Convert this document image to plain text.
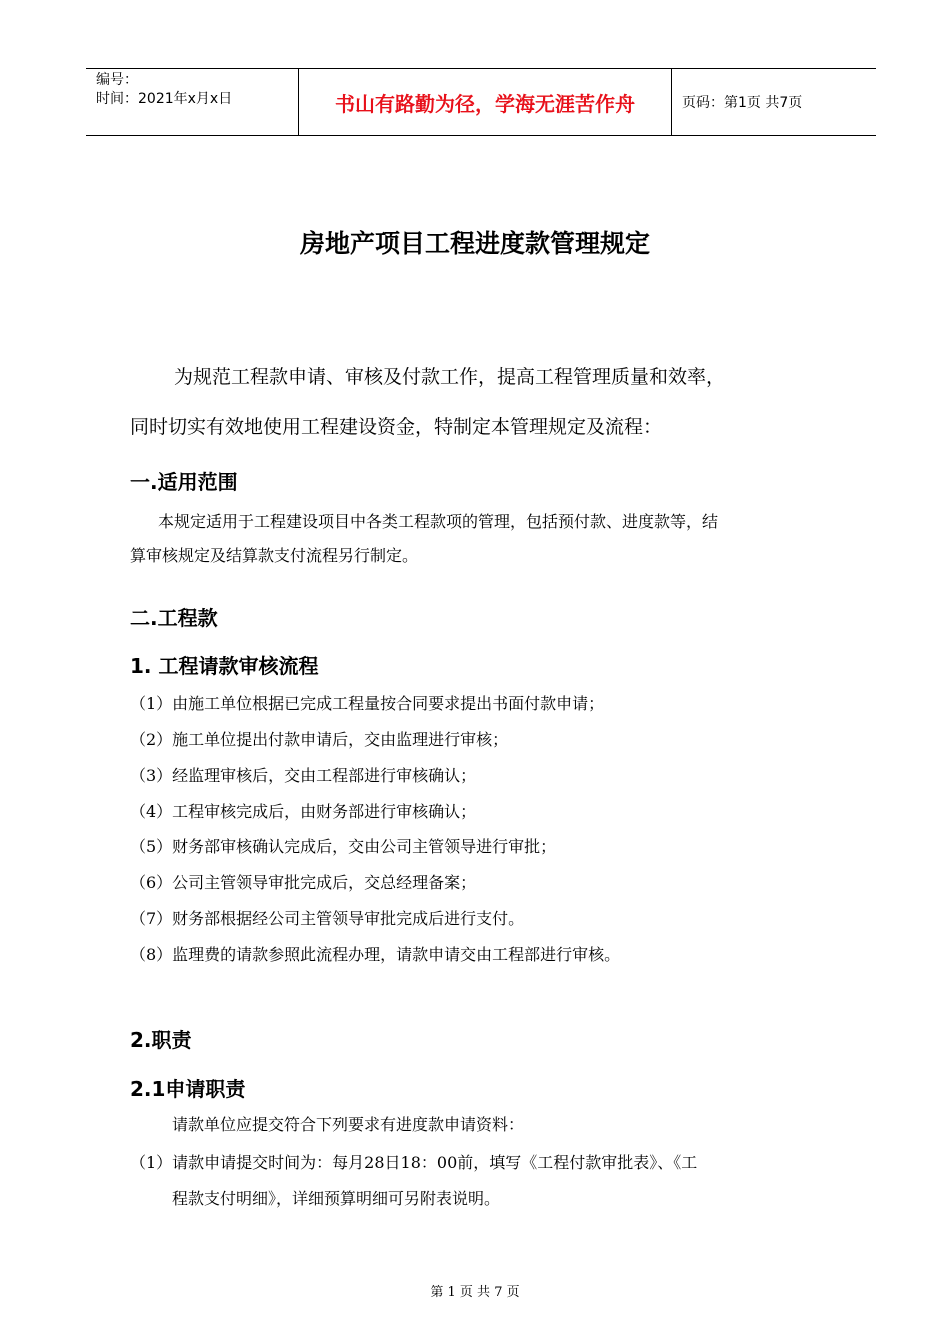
编号：
时间：2021年x月x日	书山有路勤为径，学海无涯苦作舟	页码：第1页 共7页
房地产项目工程进度款管理规定

为规范工程款申请、审核及付款工作，提高工程管理质量和效率，

同时切实有效地使用工程建设资金，特制定本管理规定及流程：

一.适用范围

本规定适用于工程建设项目中各类工程款项的管理，包括预付款、进度款等，结

算审核规定及结算款支付流程另行制定。

二.工程款
1. 工程请款审核流程
（1）由施工单位根据已完成工程量按合同要求提出书面付款申请；
（2）施工单位提出付款申请后，交由监理进行审核；
（3）经监理审核后，交由工程部进行审核确认；
（4）工程审核完成后，由财务部进行审核确认；
（5）财务部审核确认完成后，交由公司主管领导进行审批；
（6）公司主管领导审批完成后，交总经理备案；
（7）财务部根据经公司主管领导审批完成后进行支付。
（8）监理费的请款参照此流程办理，请款申请交由工程部进行审核。
2.职责
2.1申请职责
请款单位应提交符合下列要求有进度款申请资料：
（1）请款申请提交时间为：每月28日18：00前，填写《工程付款审批表》、《工
程款支付明细》，详细预算明细可另附表说明。
第 1 页 共 7 页
